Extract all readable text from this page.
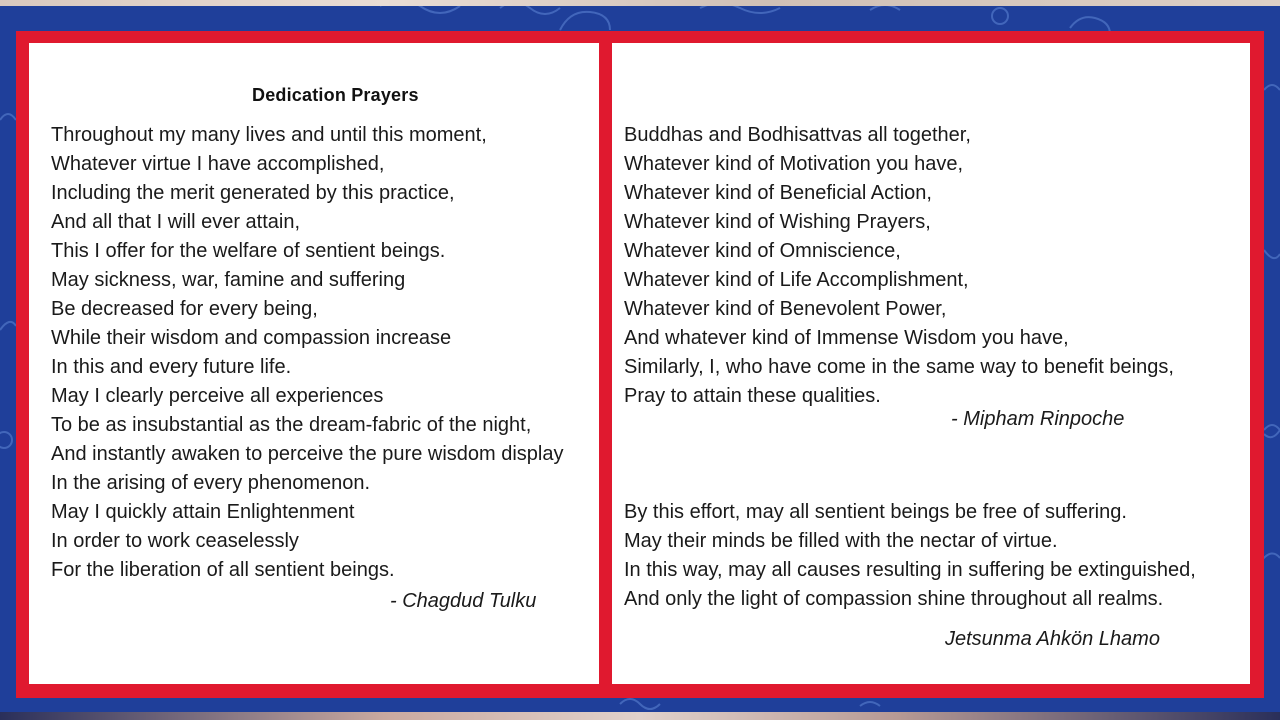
Dedication Prayers
Throughout my many lives and until this moment,
Whatever virtue I have accomplished,
Including the merit generated by this practice,
And all that I will ever attain,
This I offer for the welfare of sentient beings.
May sickness, war, famine and suffering
Be decreased for every being,
While their wisdom and compassion increase
In this and every future life.
May I clearly perceive all experiences
To be as insubstantial as the dream-fabric of the night,
And instantly awaken to perceive the pure wisdom display
In the arising of every phenomenon.
May I quickly attain Enlightenment
In order to work ceaselessly
For the liberation of all sentient beings.
- Chagdud Tulku
Buddhas and Bodhisattvas all together,
Whatever kind of Motivation you have,
Whatever kind of Beneficial Action,
Whatever kind of Wishing Prayers,
Whatever kind of Omniscience,
Whatever kind of Life Accomplishment,
Whatever kind of Benevolent Power,
And whatever kind of Immense Wisdom you have,
Similarly, I, who have come in the same way to benefit beings,
Pray to attain these qualities.
- Mipham Rinpoche
By this effort, may all sentient beings be free of suffering.
May their minds be filled with the nectar of virtue.
In this way, may all causes resulting in suffering be extinguished,
And only the light of compassion shine throughout all realms.
Jetsunma Ahkön Lhamo
